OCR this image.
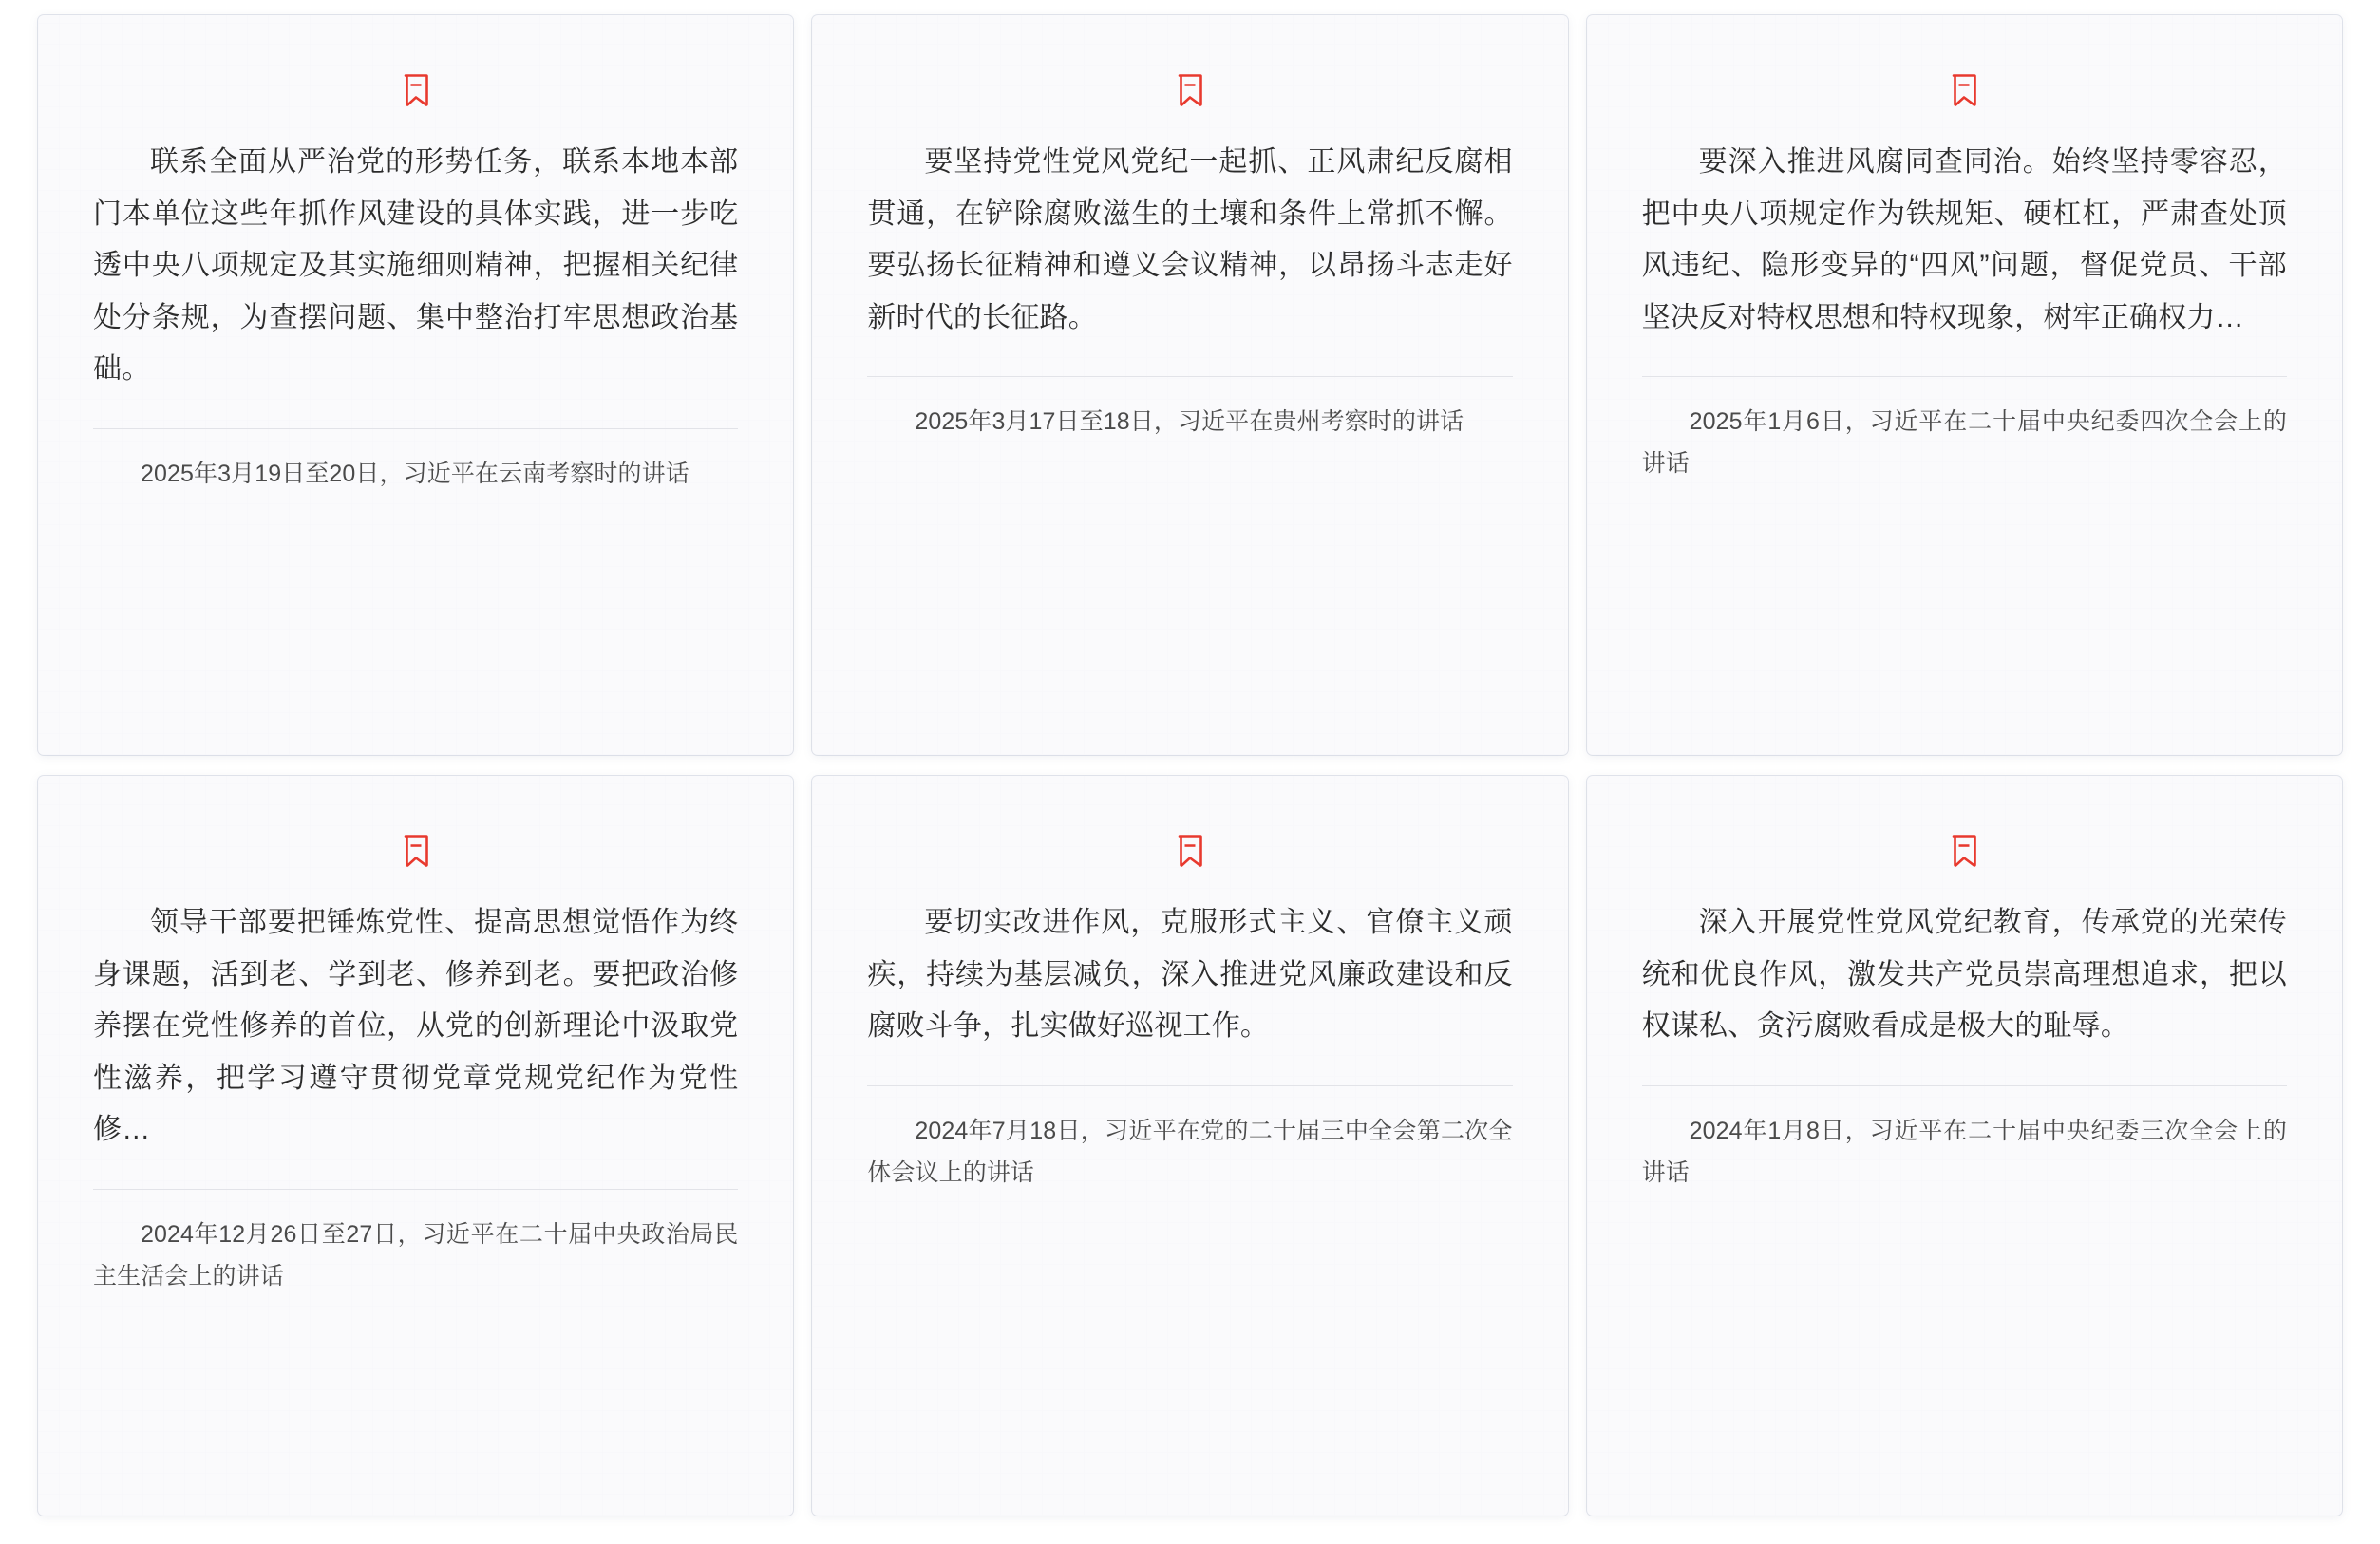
联系全面从严治党的形势任务，联系本地本部门本单位这些年抓作风建设的具体实践，进一步吃透中央八项规定及其实施细则精神，把握相关纪律处分条规，为查摆问题、集中整治打牢思想政治基础。
2025年3月19日至20日，习近平在云南考察时的讲话
要坚持党性党风党纪一起抓、正风肃纪反腐相贯通，在铲除腐败滋生的土壤和条件上常抓不懈。要弘扬长征精神和遵义会议精神，以昂扬斗志走好新时代的长征路。
2025年3月17日至18日，习近平在贵州考察时的讲话
要深入推进风腐同查同治。始终坚持零容忍，把中央八项规定作为铁规矩、硬杠杠，严肃查处顶风违纪、隐形变异的“四风”问题，督促党员、干部坚决反对特权思想和特权现象，树牢正确权力…
2025年1月6日，习近平在二十届中央纪委四次全会上的讲话
领导干部要把锤炼党性、提高思想觉悟作为终身课题，活到老、学到老、修养到老。要把政治修养摆在党性修养的首位，从党的创新理论中汲取党性滋养，把学习遵守贯彻党章党规党纪作为党性修…
2024年12月26日至27日，习近平在二十届中央政治局民主生活会上的讲话
要切实改进作风，克服形式主义、官僚主义顽疾，持续为基层减负，深入推进党风廉政建设和反腐败斗争，扎实做好巡视工作。
2024年7月18日，习近平在党的二十届三中全会第二次全体会议上的讲话
深入开展党性党风党纪教育，传承党的光荣传统和优良作风，激发共产党员崇高理想追求，把以权谋私、贪污腐败看成是极大的耻辱。
2024年1月8日，习近平在二十届中央纪委三次全会上的讲话
